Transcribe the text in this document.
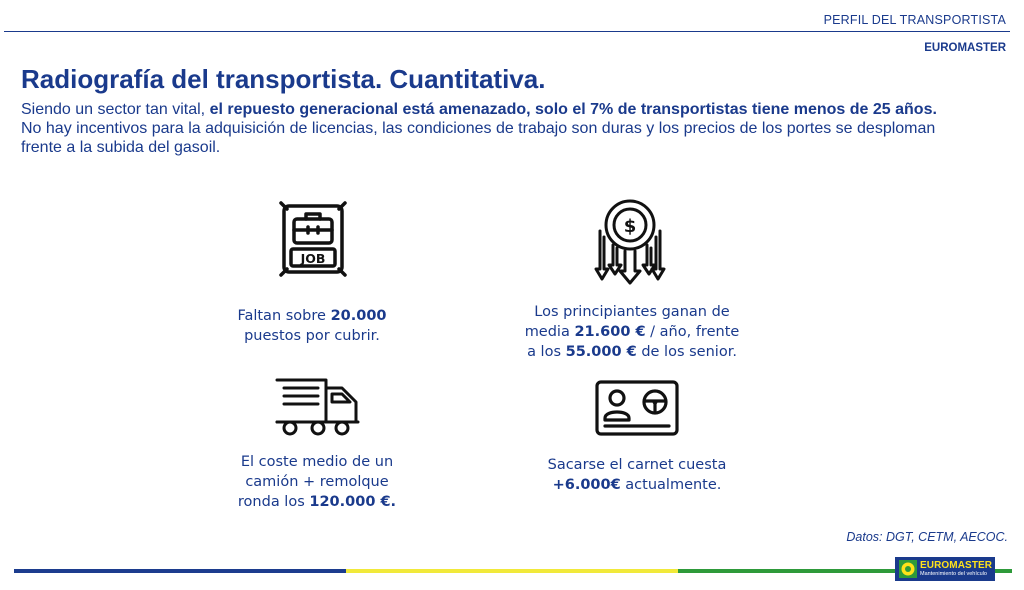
PERFIL DEL TRANSPORTISTA
EUROMASTER
Radiografía del transportista. Cuantitativa.

Siendo un sector tan vital, el repuesto generacional está amenazado, solo el 7% de transportistas tiene menos de 25 años. No hay incentivos para la adquisición de licencias, las condiciones de trabajo son duras y los precios de los portes se desploman frente a la subida del gasoil.

JOB
$
Faltan sobre 20.000
puestos por cubrir.
Los principiantes ganan de
media 21.600 € / año, frente
a los 55.000 € de los senior.
El coste medio de un
camión + remolque
ronda los 120.000 €.
Sacarse el carnet cuesta
+6.000€ actualmente.
Datos: DGT, CETM, AECOC.
EUROMASTER
Mantenimiento del vehículo
